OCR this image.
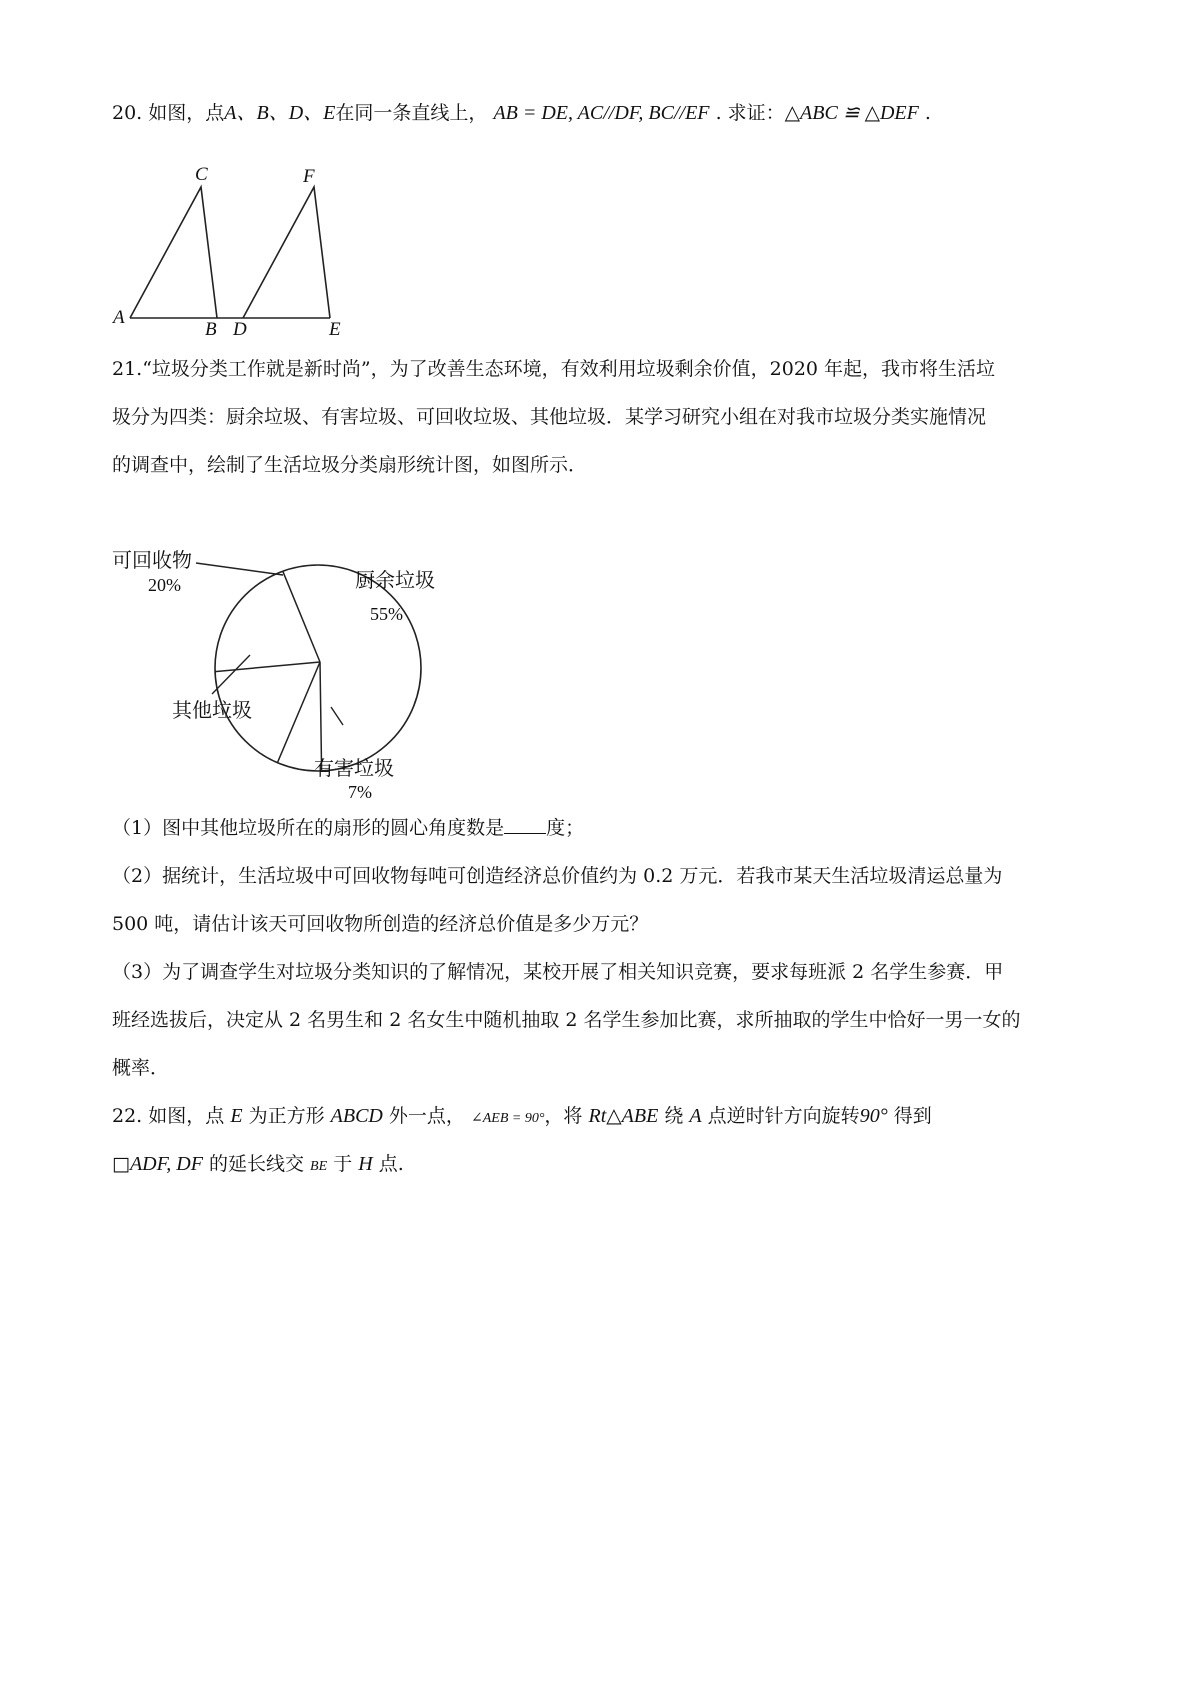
20. 如图，点A、B、D、E在同一条直线上， AB = DE, AC//DF, BC//EF . 求证：△ABC ≌ △DEF .
A
C
B D
F
E
21.“垃圾分类工作就是新时尚”，为了改善生态环境，有效利用垃圾剩余价值，2020 年起，我市将生活垃
圾分为四类：厨余垃圾、有害垃圾、可回收垃圾、其他垃圾．某学习研究小组在对我市垃圾分类实施情况
的调查中，绘制了生活垃圾分类扇形统计图，如图所示．
可回收物
20%	厨余垃圾
55%
其他垃圾
有害垃圾
7%
（1）图中其他垃圾所在的扇形的圆心角度数是 度；
（2）据统计，生活垃圾中可回收物每吨可创造经济总价值约为 0.2 万元．若我市某天生活垃圾清运总量为
500 吨，请估计该天可回收物所创造的经济总价值是多少万元？
（3）为了调查学生对垃圾分类知识的了解情况，某校开展了相关知识竞赛，要求每班派 2 名学生参赛．甲
班经选拔后，决定从 2 名男生和 2 名女生中随机抽取 2 名学生参加比赛，求所抽取的学生中恰好一男一女的
概率．
22. 如图，点 E 为正方形 ABCD 外一点， ∠AEB = 90°，将 Rt△ABE 绕 A 点逆时针方向旋转90° 得到
□ADF, DF 的延长线交 BE 于 H 点.
